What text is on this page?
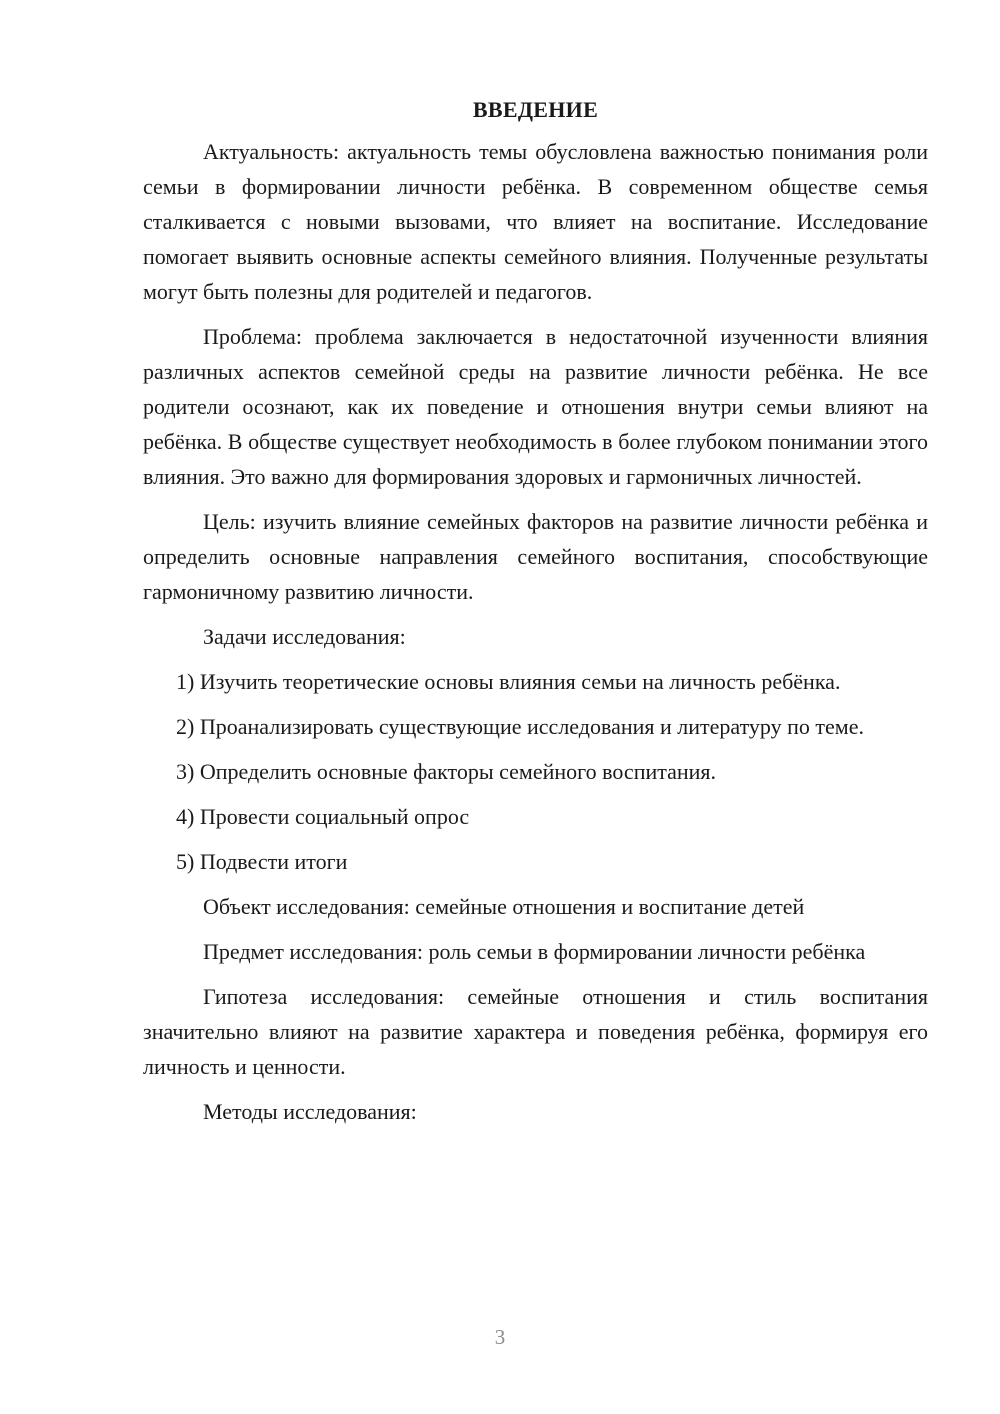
ВВЕДЕНИЕ

Актуальность: актуальность темы обусловлена важностью понимания роли семьи в формировании личности ребёнка. В современном обществе семья сталкивается с новыми вызовами, что влияет на воспитание. Исследование помогает выявить основные аспекты семейного влияния. Полученные результаты могут быть полезны для родителей и педагогов.

Проблема: проблема заключается в недостаточной изученности влияния различных аспектов семейной среды на развитие личности ребёнка. Не все родители осознают, как их поведение и отношения внутри семьи влияют на ребёнка. В обществе существует необходимость в более глубоком понимании этого влияния. Это важно для формирования здоровых и гармоничных личностей.

Цель: изучить влияние семейных факторов на развитие личности ребёнка и определить основные направления семейного воспитания, способствующие гармоничному развитию личности.

Задачи исследования:

1) Изучить теоретические основы влияния семьи на личность ребёнка.

2) Проанализировать существующие исследования и литературу по теме.

3) Определить основные факторы семейного воспитания.

4) Провести социальный опрос

5) Подвести итоги

Объект исследования: семейные отношения и воспитание детей

Предмет исследования: роль семьи в формировании личности ребёнка

Гипотеза исследования: семейные отношения и стиль воспитания значительно влияют на развитие характера и поведения ребёнка, формируя его личность и ценности.

Методы исследования:

3
